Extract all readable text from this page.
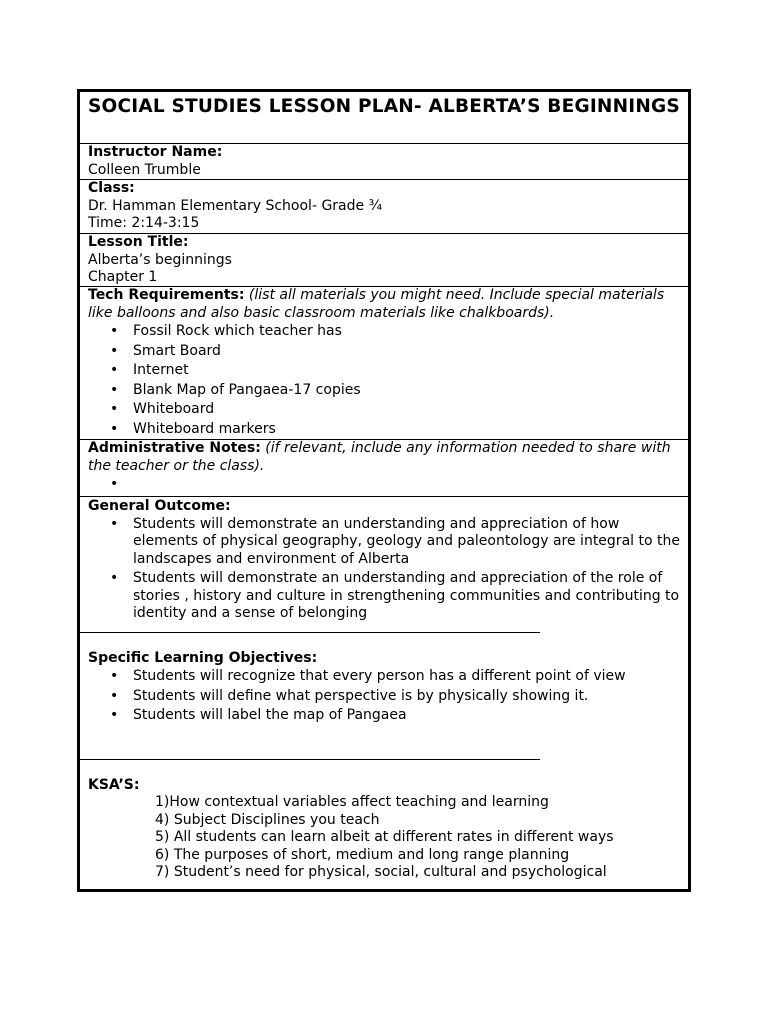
SOCIAL STUDIES LESSON PLAN- ALBERTA’S BEGINNINGS

Instructor Name:
Colleen Trumble
Class:
Dr. Hamman Elementary School- Grade ¾
Time: 2:14-3:15
Lesson Title:
Alberta’s beginnings
Chapter 1
Tech Requirements: (list all materials you might need. Include special materials like balloons and also basic classroom materials like chalkboards).
• Fossil Rock which teacher has
• Smart Board
• Internet
• Blank Map of Pangaea-17 copies
• Whiteboard
• Whiteboard markers
Administrative Notes: (if relevant, include any information needed to share with the teacher or the class).
General Outcome:
• Students will demonstrate an understanding and appreciation of how elements of physical geography, geology and paleontology are integral to the landscapes and environment of Alberta
• Students will demonstrate an understanding and appreciation of the role of stories , history and culture in strengthening communities and contributing to identity and a sense of belonging
Specific Learning Objectives:
• Students will recognize that every person has a different point of view
• Students will define what perspective is by physically showing it.
• Students will label the map of Pangaea
KSA’S:
1)How contextual variables affect teaching and learning
4) Subject Disciplines you teach
5) All students can learn albeit at different rates in different ways
6) The purposes of short, medium and long range planning
7) Student’s need for physical, social, cultural and psychological
